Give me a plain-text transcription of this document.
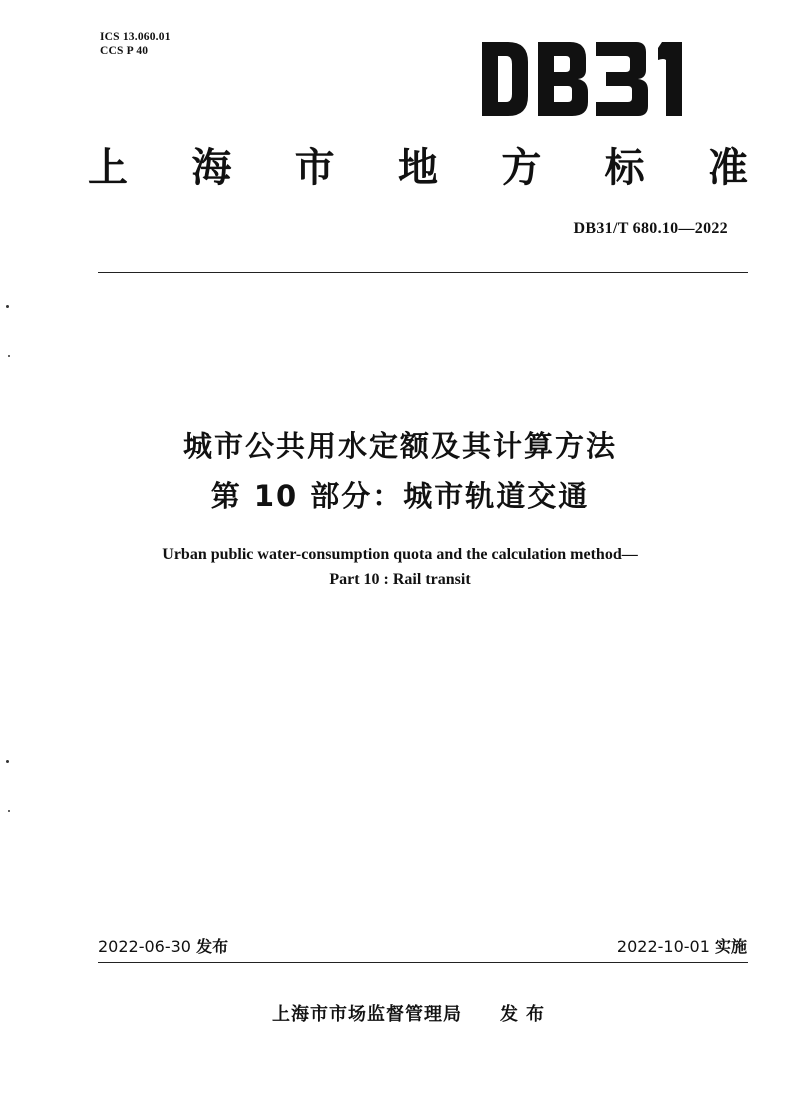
ICS 13.060.01
CCS P 40
上 海 市 地 方 标 准
DB31/T 680.10—2022
城市公共用水定额及其计算方法
第 10 部分：城市轨道交通
Urban public water-consumption quota and the calculation method—
Part 10 : Rail transit
2022-06-30 发布	2022-10-01 实施
上海市市场监督管理局 发布
